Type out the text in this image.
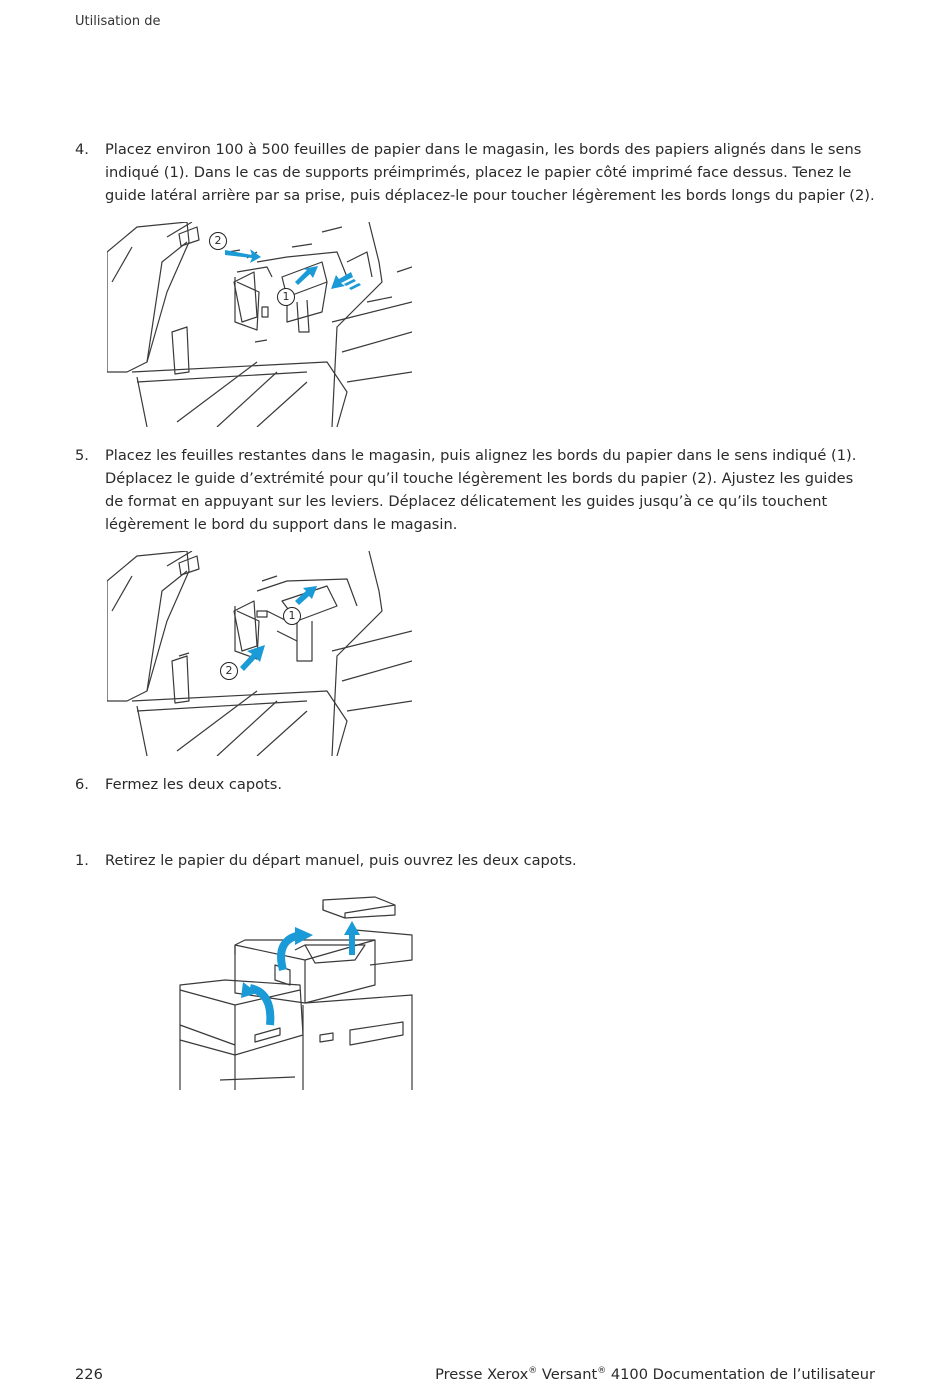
Utilisation de
4. Placez environ 100 à 500 feuilles de papier dans le magasin, les bords des papiers alignés dans le sens indiqué (1). Dans le cas de supports préimprimés, placez le papier côté imprimé face dessus. Tenez le guide latéral arrière par sa prise, puis déplacez-le pour toucher légèrement les bords longs du papier (2).
2
1
5. Placez les feuilles restantes dans le magasin, puis alignez les bords du papier dans le sens indiqué (1). Déplacez le guide d’extrémité pour qu’il touche légèrement les bords du papier (2). Ajustez les guides de format en appuyant sur les leviers. Déplacez délicatement les guides jusqu’à ce qu’ils touchent légèrement le bord du support dans le magasin.
1
2
6. Fermez les deux capots.
1. Retirez le papier du départ manuel, puis ouvrez les deux capots.
226	Presse Xerox® Versant® 4100 Documentation de l’utilisateur
